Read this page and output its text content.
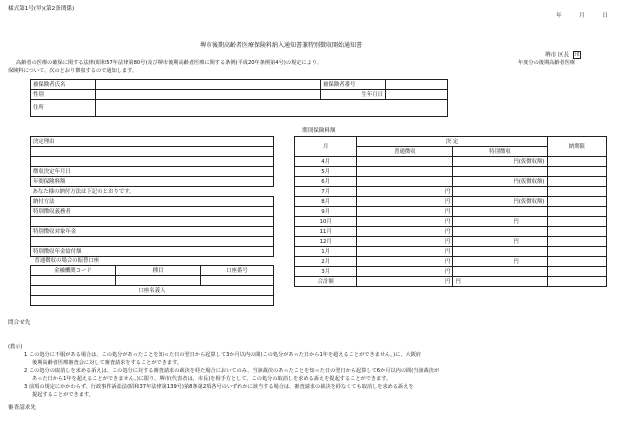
様式第1号(甲)(第2条関係)
年	月	日
堺市後期高齢者医療保険料納入通知書兼特別徴収開始通知書
堺市 区長 印
高齢者の医療の確保に関する法律(昭和57年法律第80号)及び堺市後期高齢者医療に関する条例(平成20年条例第4号)の規定により、	年度分の後期高齢者医療
保険料について、次のとおり徴収するので通知します。
被保険者氏名		被保険者番号	
性別		生年月日	
住所			
決定理由

徴収決定年月日
年間保険料額
あなた様の納付方法は下記のとおりです。
納付方法
特別徴収義務者

特別徴収対象年金

特別徴収年金給付額
普通徴収の場合の振替口座		
金融機関コード	種目	口座番号

口座名義人		

期別保険料額
月	決 定		納期限
	普通徴収	特別徴収	
4月		円(仮徴収額)	
5月			
6月		円(仮徴収額)	
7月	円		
8月	円	円(仮徴収額)	
9月	円		
10月	円	円	
11月	円		
12月	円	円	
1月	円		
2月	円	円	
3月	円		
合計額	円	円	
問合せ先
(教示)
1 この処分に不服がある場合は、この処分があったことを知った日の翌日から起算して3か月以内の間(この処分があった日から1年を超えることができません。)に、大阪府
後期高齢者医療審査会に対して審査請求をすることができます。
2 この処分の取消しを求める訴えは、この処分に対する審査請求の裁決を経た場合においてのみ、当該裁決のあったことを知った日の翌日から起算して6か月以内の間(当該裁決が
あった日から1年を超えることができません。)に限り、堺市(代表者は、市長)を相手方として、この処分の取消しを求める訴えを提起することができます。
3 前項の規定にかかわらず、行政事件訴訟法(昭和37年法律第139号)第8条第2項各号のいずれかに該当する場合は、審査請求の裁決を経なくても取消しを求める訴えを
提起することができます。
審査請求先
